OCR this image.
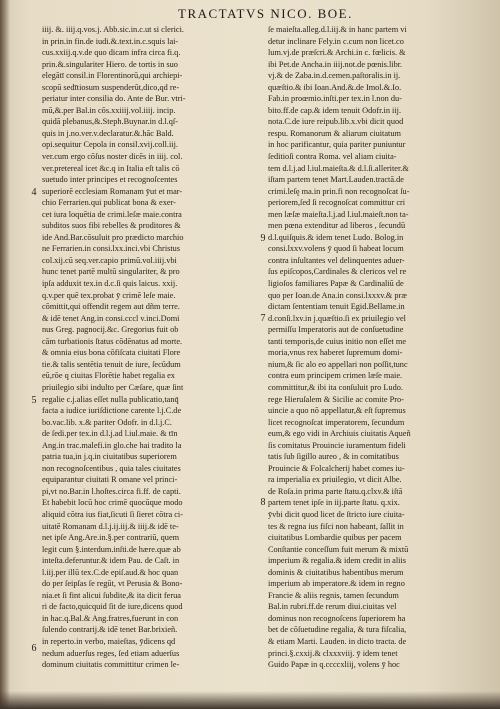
TRACTATVS NICO. BOE.
4
5
6
7
8
9
iiij. &. iiij.q.vos.j. Abb.sic.in.c.ut si clerici.
in prin.in fin.de iudi.&.text.in.c.squis lai-
cus.xxiij.q.v.de quo dicam infra circa fi.q.
prin.&.singulariter Hiero. de tortis in suo
elegātī consil.in Florentinorū,qui archiepi-
scopū sedītiosum suspenderūt,dico,qd re-
periatur inter consilia do. Ante de Bur. vtri-
mū,&.per Bal.in cōs.xxiiij.vol.iiij. incip.
quidā plebanus,&.Steph.Buynar.in d.l.qſ-
quis in j.no.ver.v.declaratur.&.hāc Bald.
opi.sequitur Cepola in consil.xvij.coll.iij.
ver.cum ergo cōſus noster dicēs in iiij. col.
ver.pretereal icet &c.q in Italia eſt talis cō
suetudo inter principes et recognoſcentes
superiorē ecclesiam Romanam ȳut et mar-
chio Ferrarien.qui publicat bona & exer-
cet iura loquētia de crimi.leſæ maie.contra
subditos suos fibi rebelles & proditores &
ide And.Bar.cōsuluit pro prædicto marchio
ne Ferrarien.in consi.lxx.inci.vbi Christus
col.xij.cū seq.ver.capio primū.vol.iiij.vbi
hunc tenet partē multū singulariter, & pro
ipſa adduxit tex.in d.c.ſi quis laicus. xxij.
q.v.per quē tex.probat ȳ crimē leſe maie.
cōmittit,qui offendit regem aut dñm terre.
& idē tenet Ang.in consi.cccl v.inci.Domi
nus Greg. pagnocij.&c. Gregorius fuit ob
cām turbationis ſtatus cōdēnatus ad morte.
& omnia eius bona cōfiſcata ciuitati Flore
tie.& talis sentētia tenuit de iure, ſecūdum
eū,rōe q ciuitas Florētie habet regalia ex
priuilegio sibi indulto per Cæſare, quæ ſint
regalie c.j.alias eſſet nulla publicatio,tanq̄
facta a iudice iuriſdictione carente l.j.C.de
bo.vac.lib. x.& pariter Odofr. in d.l.j.C.
de ſedi.per tex.in d.l.j.ad l.iul.maie. & tīn
Ang.in trac.malefi.in glo.che hai tradito la
patria tua,in j.q.in ciuitatibus superiorem
non recognoſcentibus , quia tales ciuitates
equiparantur ciuitati R omane vel princi-
pi,vt no.Bar.in l.hoſtes.circa fi.ff. de capti.
Et habebit locū hoc crimē quocūque modo
aliquid cōtra ius fiat,ſicuti ſi ſieret cōtra ci-
uitatē Romanam d.l.j.ij.iij.& iiij.& idē te-
net ipſe Ang.Are.in.§.per contrariū, quem
legit cum §.interdum.inſti.de hære.quæ ab
inteſta.deferuntur.& idem Pau. de Caſt. in
l.iij.per illū tex.C.de epiſ.aud.& hoc quan
do per ſeipſas ſe regūt, vt Perusia & Bono-
nia.et ſi fint alicui ſubdite,& ita dicit ferua
ri de facto,quicquid ſit de iure,dicens quod
in hac.q.Bal.& Ang.fratres,fuerunt in con
ſulendo contrarij.& idē tenet Bar.brixieñ.
in reperto.in verbo, maieſtas, ȳdicens qd
nedum aduerſus reges, ſed etiam aduerſus
dominum ciuitatis committitur crimen le-
ſe maieſta.alleg.d.l.iij.& in hanc partem vi
detur inclinare Fely.in c.cum non licet.co
lum.vj.de præſcri.& Archi.in c. fœlicis. &
ibi Pet.de Ancha.in iiij.not.de pœnis.libr.
vj.& de Zaba.in.d.cemen.paſtoralis.in ij.
quæſtio.& ibi Ioan.And.&.de Imol.&.Io.
Fab.in proœmio.inſti.per tex.in l.non du-
bito.ff.de cap.& idem tenuit Odofr.in iij.
nota.C.de iure reipub.lib.x.vbi dicit quod
respu. Romanorum & aliarum ciuitatum
in hoc parificantur, quia pariter puniuntur
ſeditioſi contra Roma. vel aliam ciuita-
tem d.l.j.ad l.iul.maieſta.& d.l.ſi.alleriter.&
iſtam partem tenet Mart.Lauden.tractā.de
crimi.leſę ma.in prin.fi non recognoſcat ſu-
periorem,ſed ſi recognoſcat committur cri
men læſæ maieſta.l.j.ad l.iul.maieſt.non ta-
men pœna extenditur ad liberos , ſecundū
d.l.quiſquis.& idem tenet Ludo. Bolog.in
consi.lxxv.volens ȳ quod ſi habeat locum
contra inſultantes vel delinquentes aduer-
ſus epiſcopos,Cardinales & clericos vel re
ligioſos familiares Papæ & Cardinaliū de
quo per Ioan.de Ana.in consi.lxxxv.& præ
dictam ſententiam tenuit Egid.Bellame.in
d.conſi.lxv.in j.quæſtio.ſi ex priuilegio vel
permiſſu Imperatoris aut de conſuetudine
tanti temporis,de cuius initio non eſſet me
moria,vnus rex haberet ſupremum domi-
nium,& ſic alo eo appellari non poſſit,tunc
contra eum principem crimen læſe maie.
committitur,& ibi ita conſuluit pro Ludo.
rege Hieruſalem & Sicilie ac comite Pro-
uincie a quo nō appellatur,& eſt ſupremus
licet recognoſcat imperatorem, ſecundum
eum,& ego vidi in Archiuis ciuitatis Aqueñ
ſis comitatus Prouincie iuramentum fideli
tatis ſub ſigillo aureo , & in comitatibus
Prouincie & Folcalcherij habet comes iu-
ra imperialia ex priuilegio, vt dicit Albe.
de Roſa.in prima parte ſtatu.q.clxv.& iſtā
partem tenet ipſe in iij.parte ſtatu. q.xix.
ȳvbi dicit quod licet de ſtricto iure ciuita-
tes & regna ius fiſci non habeant, ſallit in
ciuitatibus Lombardie quibus per pacem
Conſtantie conceſſum fuit merum & mixtū
imperium & regalia.& idem credit in aliis
dominis & ciuitatibus habentibus merum
imperium ab imperatore.& idem in regno
Francie & aliis regnis, tamen ſecundum
Bal.in rubri.ff.de rerum diui.ciuitas vel
dominus non recognoſcens ſuperiorem ha
bet de cōſuetudine regalia, & tura fiſcalia,
& etiam Marti. Lauden. in dicto tracta. de
princi.§.cxxij.& clxxxviij. ȳ idem tenet
Guido Papæ in q.ccccxliij, volens ȳ hoc
